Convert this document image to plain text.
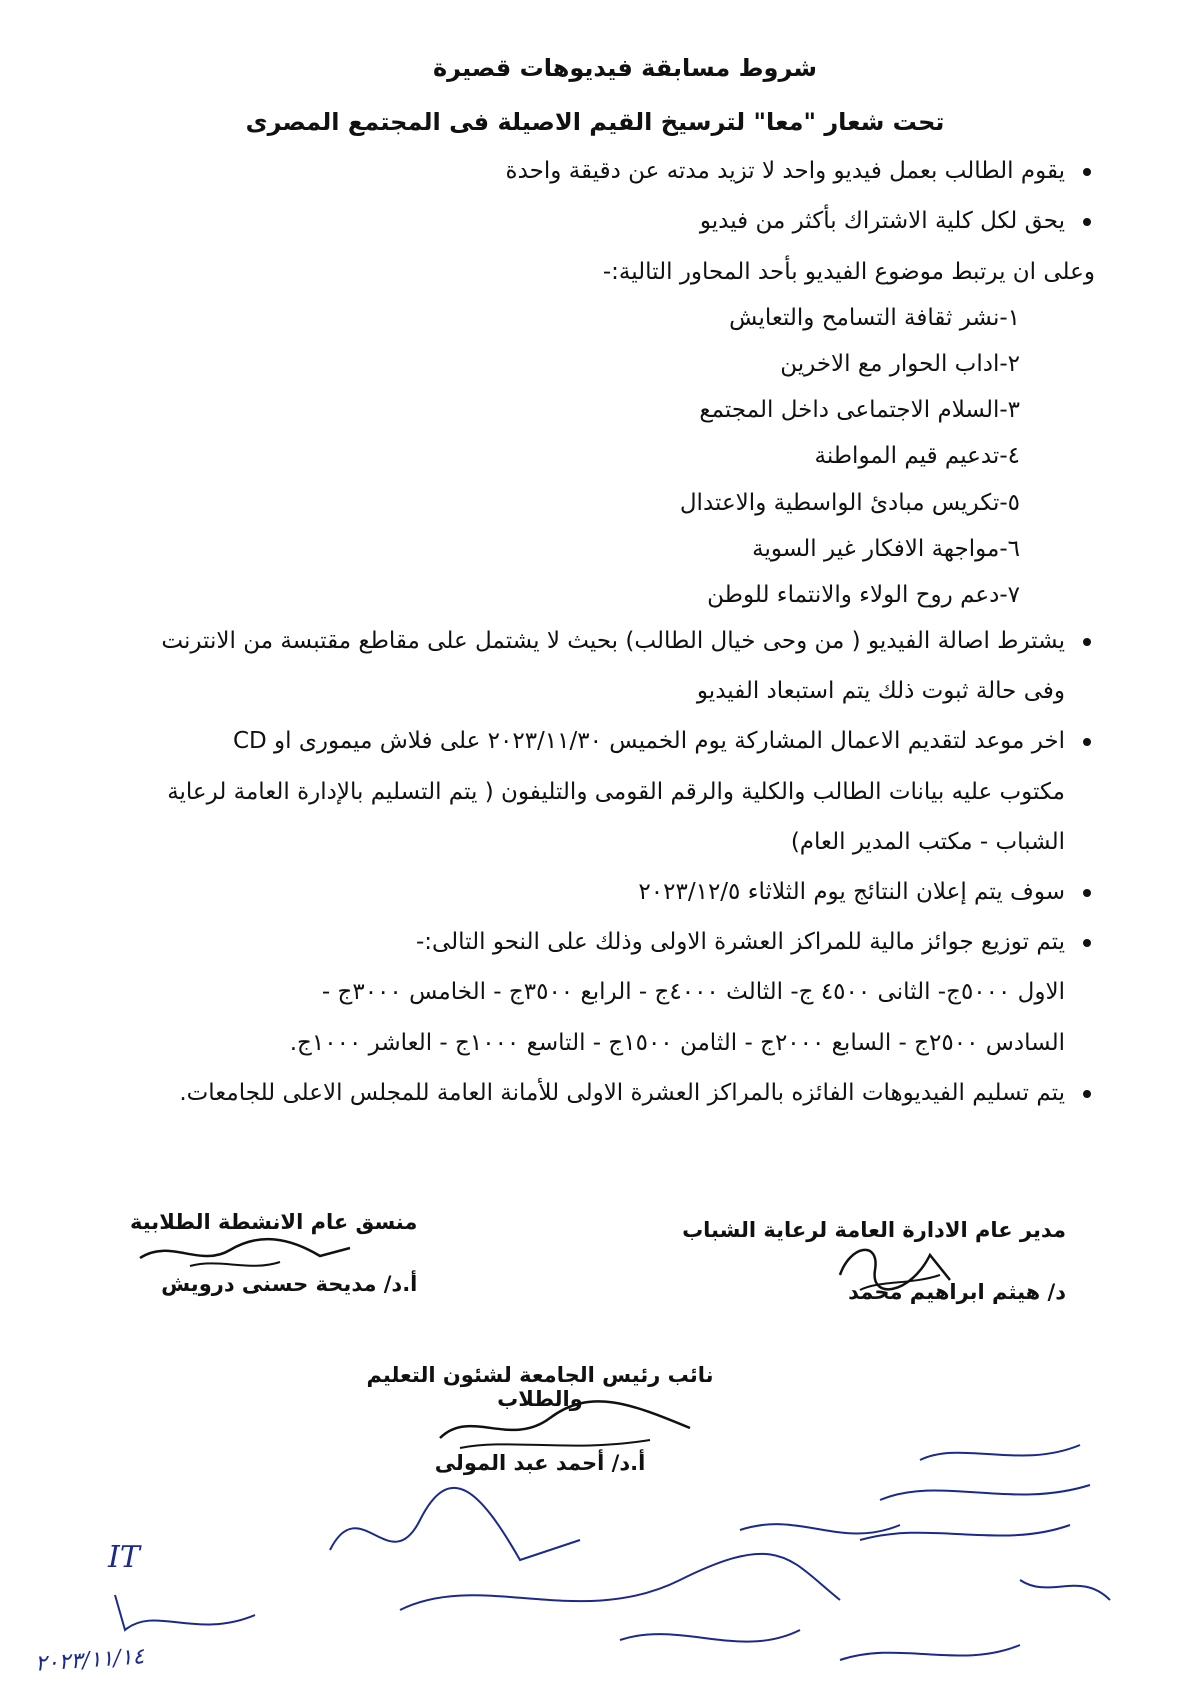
شروط مسابقة فيديوهات قصيرة
تحت شعار "معا" لترسيخ القيم الاصيلة فى المجتمع المصرى
يقوم الطالب بعمل فيديو واحد لا تزيد مدته عن دقيقة واحدة
يحق لكل كلية الاشتراك بأكثر من فيديو

وعلى ان يرتبط موضوع الفيديو بأحد المحاور التالية:-

١-نشر ثقافة التسامح والتعايش
٢-اداب الحوار مع الاخرين
٣-السلام الاجتماعى داخل المجتمع
٤-تدعيم قيم المواطنة
٥-تكريس مبادئ الواسطية والاعتدال
٦-مواجهة الافكار غير السوية
٧-دعم روح الولاء والانتماء للوطن
يشترط اصالة الفيديو ( من وحى خيال الطالب) بحيث لا يشتمل على مقاطع مقتبسة من الانترنت
وفى حالة ثبوت ذلك يتم استبعاد الفيديو
اخر موعد لتقديم الاعمال المشاركة يوم الخميس ٢٠٢٣/١١/٣٠ على فلاش ميمورى او CD
مكتوب عليه بيانات الطالب والكلية والرقم القومى والتليفون ( يتم التسليم بالإدارة العامة لرعاية
الشباب - مكتب المدير العام)
سوف يتم إعلان النتائج يوم الثلاثاء ٢٠٢٣/١٢/٥
يتم توزيع جوائز مالية للمراكز العشرة الاولى وذلك على النحو التالى:-
الاول ٥٠٠٠ج- الثانى ٤٥٠٠ ج- الثالث ٤٠٠٠ج - الرابع ٣٥٠٠ج - الخامس ٣٠٠٠ج -
السادس ٢٥٠٠ج - السابع ٢٠٠٠ج - الثامن ١٥٠٠ج - التاسع ١٠٠٠ج - العاشر ١٠٠٠ج.
يتم تسليم الفيديوهات الفائزه بالمراكز العشرة الاولى للأمانة العامة للمجلس الاعلى للجامعات.
مدير عام الادارة العامة لرعاية الشباب
د/ هيثم ابراهيم محمد
منسق عام الانشطة الطلابية
أ.د/ مديحة حسنى درويش
نائب رئيس الجامعة لشئون التعليم والطلاب
أ.د/ أحمد عبد المولى
IT
٢٠٢٣/١١/١٤
